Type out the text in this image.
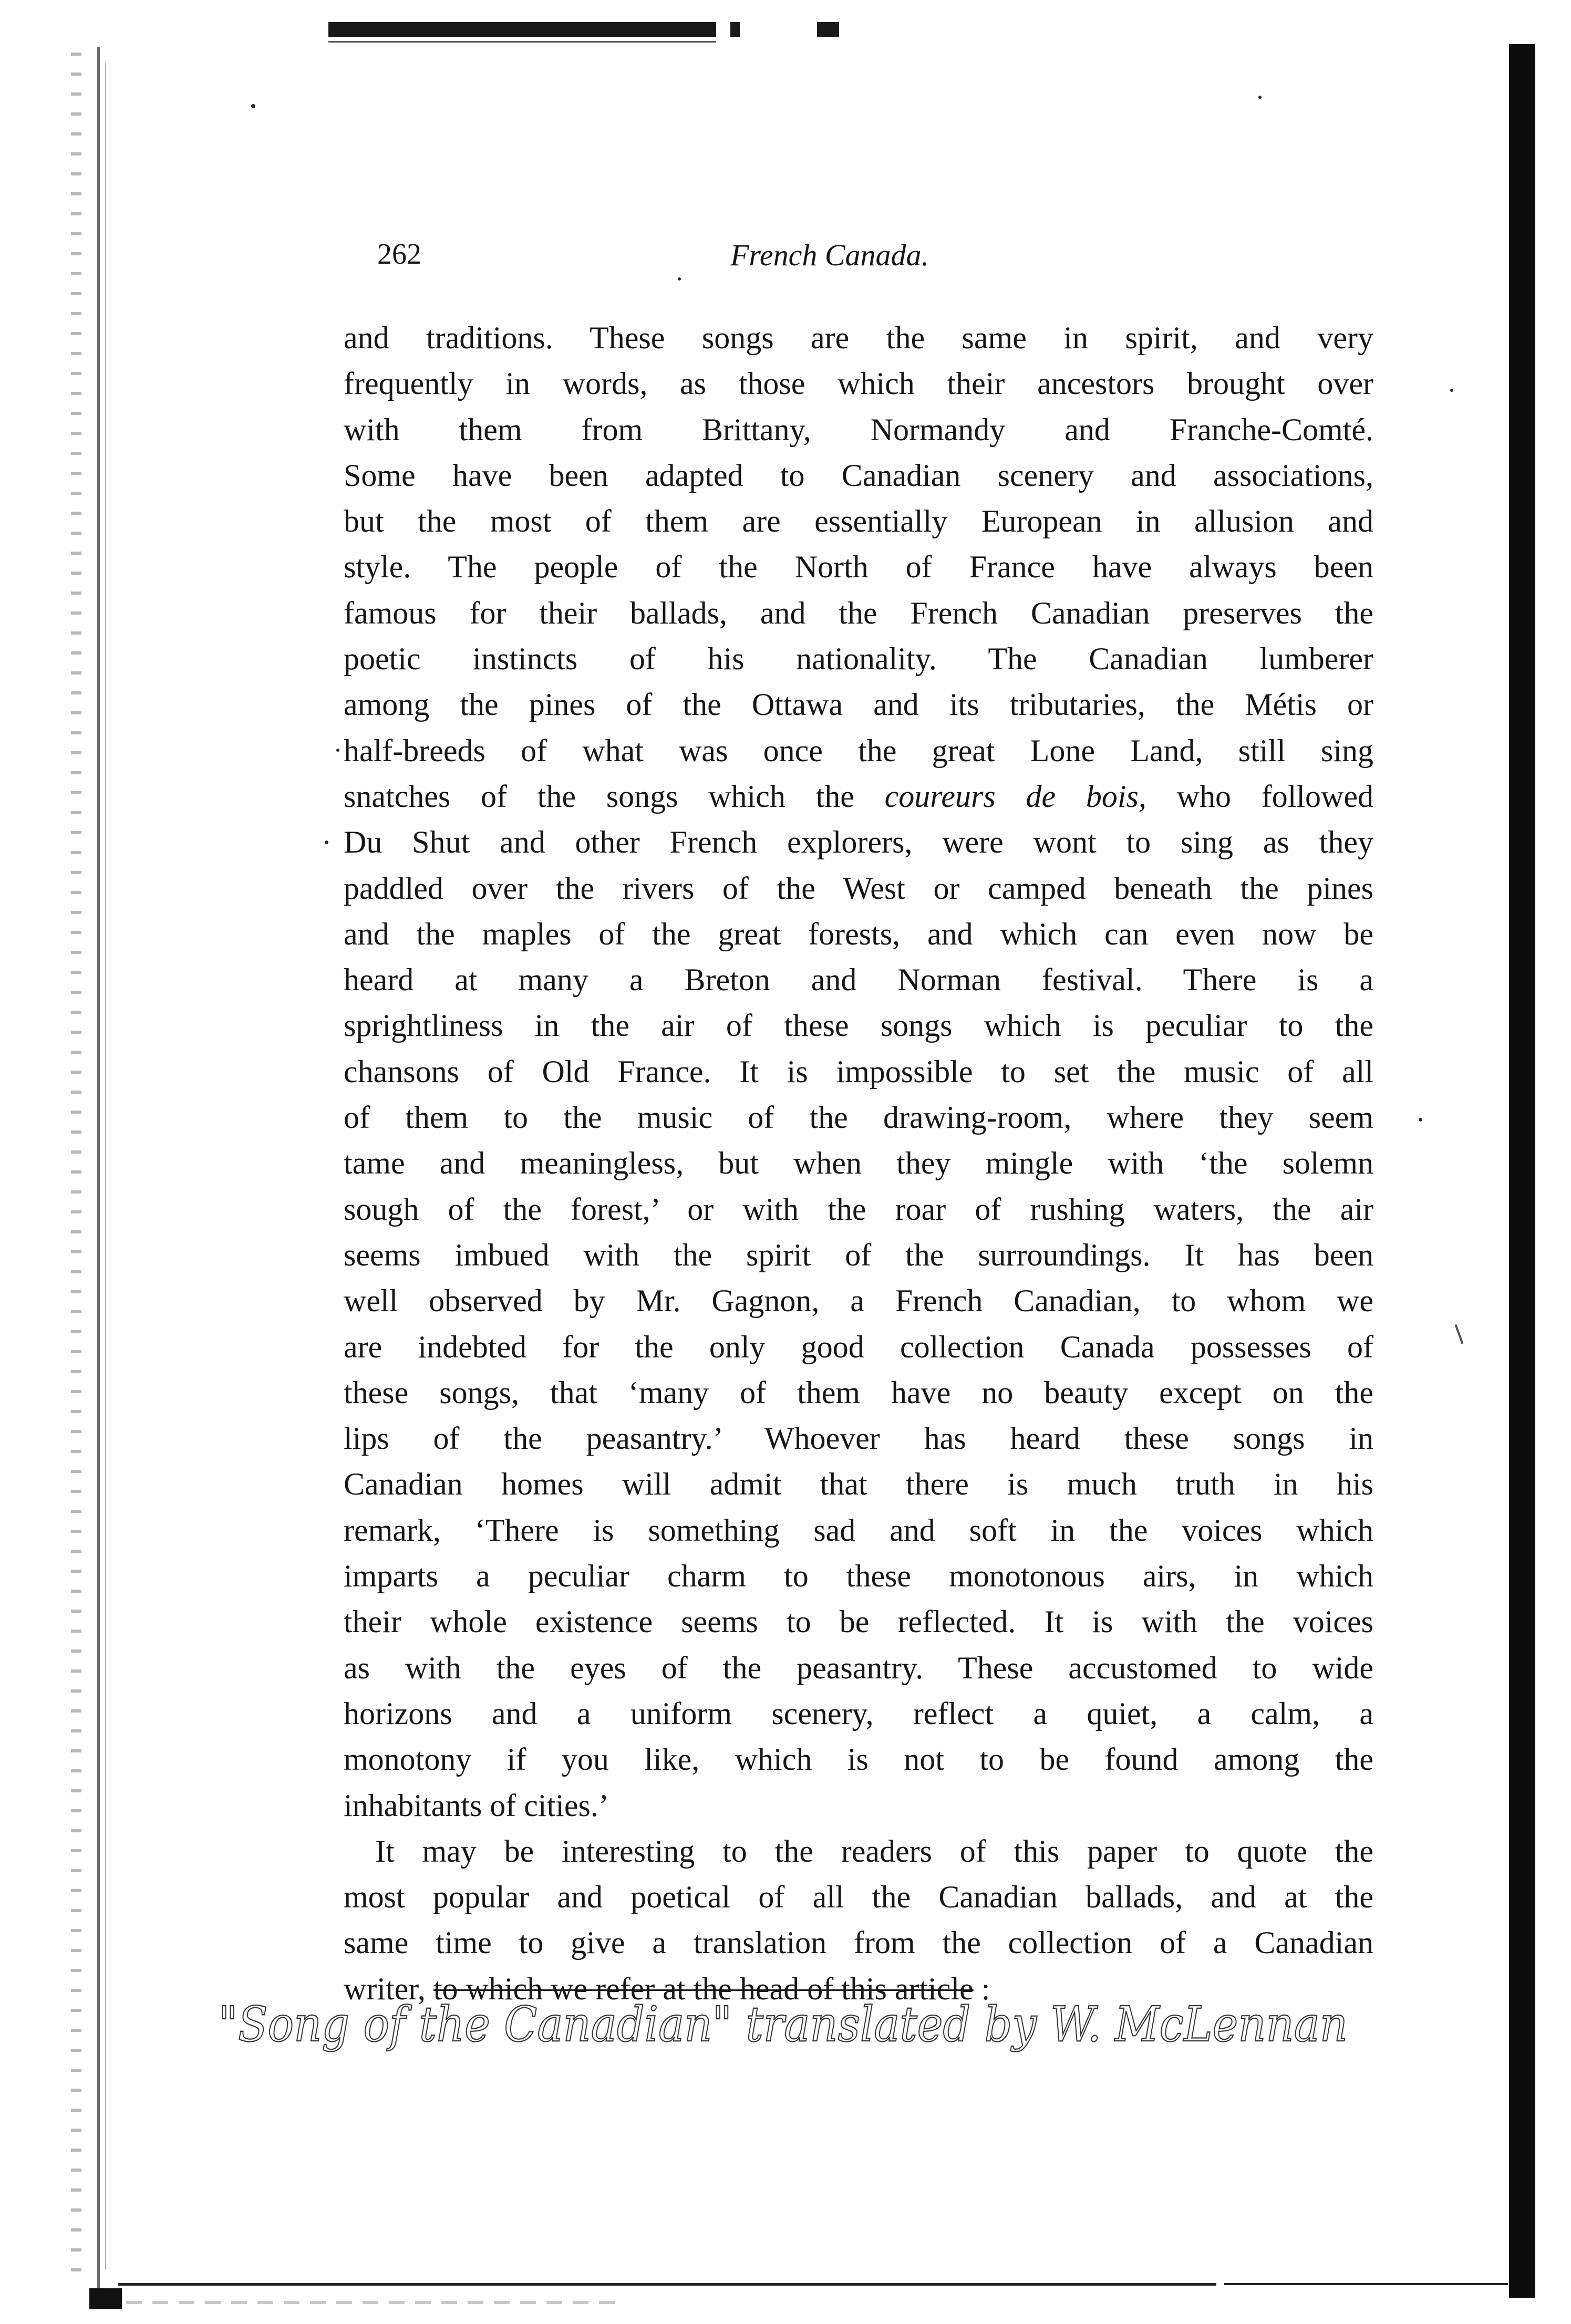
262	French Canada.
and traditions. These songs are the same in spirit, and very
frequently in words, as those which their ancestors brought over
with them from Brittany, Normandy and Franche-Comté.
Some have been adapted to Canadian scenery and associations,
but the most of them are essentially European in allusion and
style. The people of the North of France have always been
famous for their ballads, and the French Canadian preserves the
poetic instincts of his nationality. The Canadian lumberer
among the pines of the Ottawa and its tributaries, the Métis or
half-breeds of what was once the great Lone Land, still sing
snatches of the songs which the coureurs de bois, who followed
Du Shut and other French explorers, were wont to sing as they
paddled over the rivers of the West or camped beneath the pines
and the maples of the great forests, and which can even now be
heard at many a Breton and Norman festival. There is a
sprightliness in the air of these songs which is peculiar to the
chansons of Old France. It is impossible to set the music of all
of them to the music of the drawing-room, where they seem
tame and meaningless, but when they mingle with ‘the solemn
sough of the forest,’ or with the roar of rushing waters, the air
seems imbued with the spirit of the surroundings. It has been
well observed by Mr. Gagnon, a French Canadian, to whom we
are indebted for the only good collection Canada possesses of
these songs, that ‘many of them have no beauty except on the
lips of the peasantry.’ Whoever has heard these songs in
Canadian homes will admit that there is much truth in his
remark, ‘There is something sad and soft in the voices which
imparts a peculiar charm to these monotonous airs, in which
their whole existence seems to be reflected. It is with the voices
as with the eyes of the peasantry. These accustomed to wide
horizons and a uniform scenery, reflect a quiet, a calm, a
monotony if you like, which is not to be found among the
inhabitants of cities.’
It may be interesting to the readers of this paper to quote the
most popular and poetical of all the Canadian ballads, and at the
same time to give a translation from the collection of a Canadian
writer, to which we refer at the head of this article :
"Song of the Canadian" translated by W. McLennan
